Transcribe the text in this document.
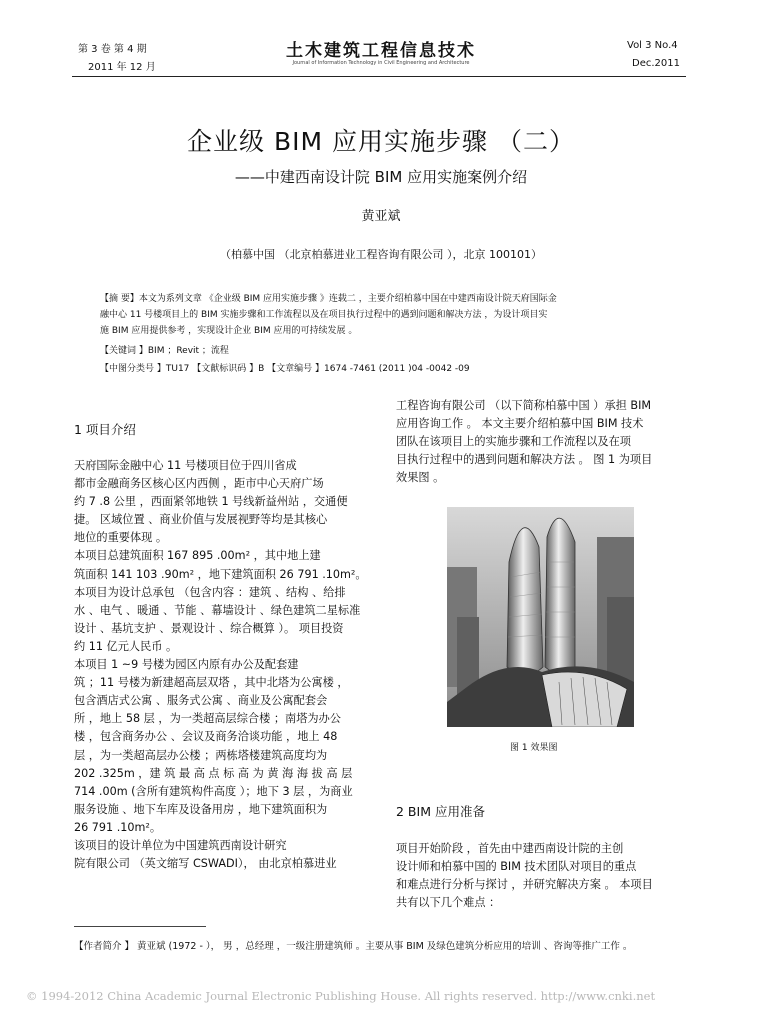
第 3 卷 第 4 期
2011 年 12 月
土木建筑工程信息技术
Journal of Information Technology in Civil Engineering and Architecture
Vol 3 No.4
Dec.2011
企业级 BIM 应用实施步骤 （二）
——中建西南设计院 BIM 应用实施案例介绍
黄亚斌
（柏慕中国 （北京柏慕进业工程咨询有限公司 ），北京 100101）
【摘 要】本文为系列文章 《企业级 BIM 应用实施步骤 》连载二 ，主要介绍柏慕中国在中建西南设计院天府国际金
融中心 11 号楼项目上的 BIM 实施步骤和工作流程以及在项目执行过程中的遇到问题和解决方法 ，为设计项目实
施 BIM 应用提供参考 ，实现设计企业 BIM 应用的可持续发展 。
【关键词 】BIM ；Revit ；流程
【中图分类号 】TU17 【文献标识码 】B 【文章编号 】1674 -7461 (2011 )04 -0042 -09
1 项目介绍

天府国际金融中心 11 号楼项目位于四川省成

都市金融商务区核心区内西侧 ，距市中心天府广场

约 7 .8 公里 ，西面紧邻地铁 1 号线新益州站 ，交通便

捷。 区域位置 、商业价值与发展视野等均是其核心

地位的重要体现 。

本项目总建筑面积 167 895 .00m² ，其中地上建

筑面积 141 103 .90m² ，地下建筑面积 26 791 .10m²。

本项目为设计总承包 （包含内容 ：建筑 、结构 、给排

水 、电气 、暖通 、节能 、幕墙设计 、绿色建筑二星标准

设计 、基坑支护 、景观设计 、综合概算 ）。 项目投资

约 11 亿元人民币 。

本项目 1 ~9 号楼为园区内原有办公及配套建

筑 ；11 号楼为新建超高层双塔 ，其中北塔为公寓楼 ，

包含酒店式公寓 、服务式公寓 、商业及公寓配套会

所 ，地上 58 层 ，为一类超高层综合楼 ；南塔为办公

楼 ，包含商务办公 、会议及商务洽谈功能 ，地上 48

层 ，为一类超高层办公楼 ；两栋塔楼建筑高度均为

202 .325m ，建 筑 最 高 点 标 高 为 黄 海 海 拔 高 层

714 .00m (含所有建筑构件高度 ）；地下 3 层 ，为商业

服务设施 、地下车库及设备用房 ，地下建筑面积为

26 791 .10m²。

该项目的设计单位为中国建筑西南设计研究

院有限公司 （英文缩写 CSWADI）， 由北京柏慕进业

工程咨询有限公司 （以下简称柏慕中国 ）承担 BIM

应用咨询工作 。 本文主要介绍柏慕中国 BIM 技术

团队在该项目上的实施步骤和工作流程以及在项

目执行过程中的遇到问题和解决方法 。 图 1 为项目

效果图 。

图 1 效果图
2 BIM 应用准备

项目开始阶段 ，首先由中建西南设计院的主创

设计师和柏慕中国的 BIM 技术团队对项目的重点

和难点进行分析与探讨 ，并研究解决方案 。 本项目

共有以下几个难点 ：

【作者简介 】 黄亚斌 (1972 - ）， 男 ，总经理 ，一级注册建筑师 。主要从事 BIM 及绿色建筑分析应用的培训 、咨询等推广工作 。
© 1994-2012 China Academic Journal Electronic Publishing House. All rights reserved. http://www.cnki.net
